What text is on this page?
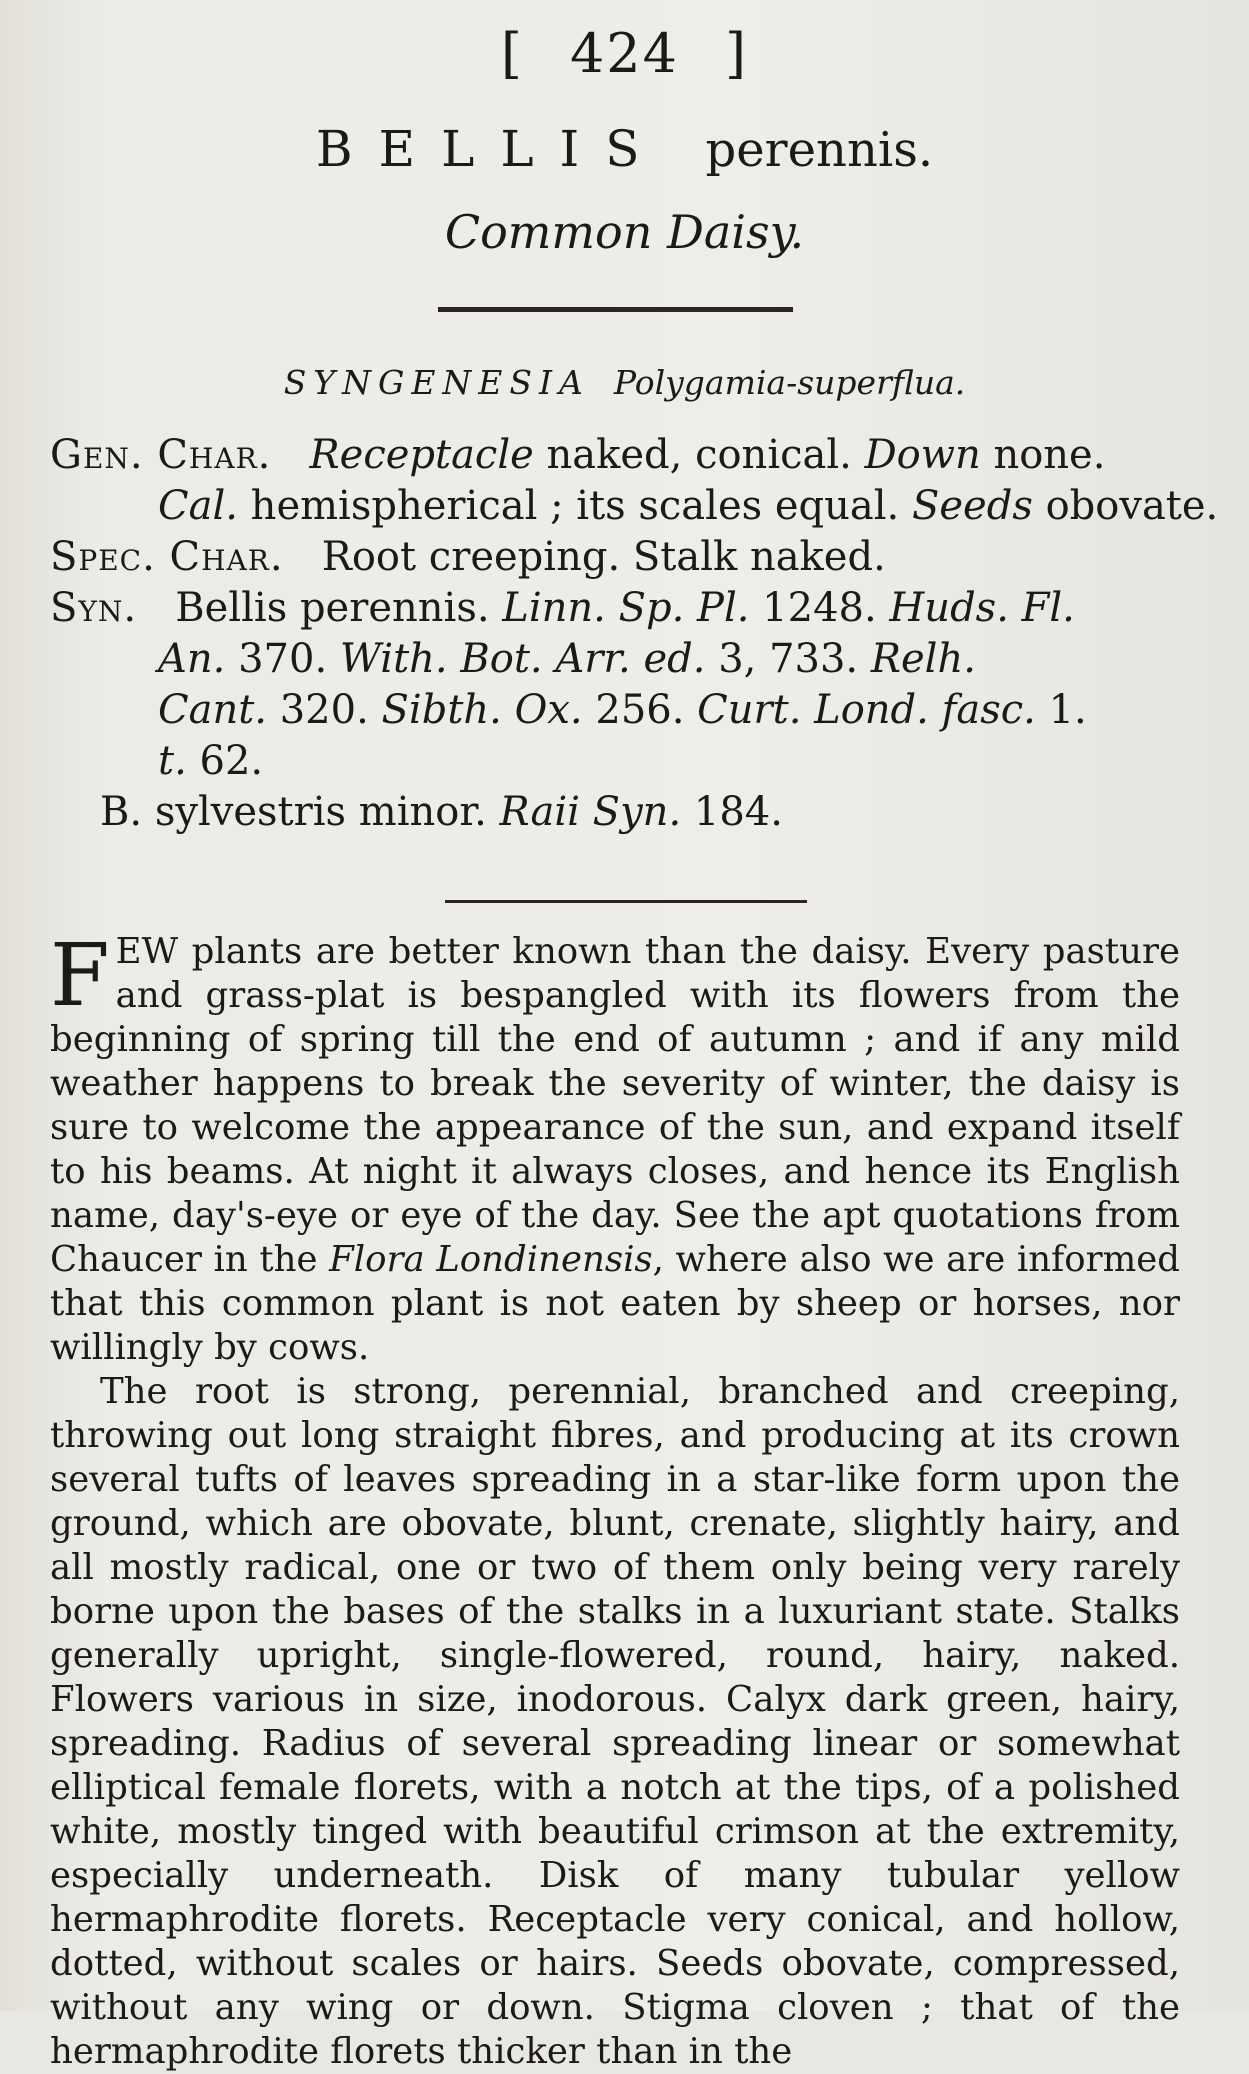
[ 424 ]
BELLIS perennis.
Common Daisy.
SYNGENESIA Polygamia-superflua.
Gen. Char. Receptacle naked, conical. Down none.
Cal. hemispherical ; its scales equal. Seeds obovate.
Spec. Char. Root creeping. Stalk naked.
Syn. Bellis perennis. Linn. Sp. Pl. 1248. Huds. Fl.
An. 370. With. Bot. Arr. ed. 3, 733. Relh.
Cant. 320. Sibth. Ox. 256. Curt. Lond. fasc. 1.
t. 62.
B. sylvestris minor. Raii Syn. 184.

FEW plants are better known than the daisy. Every pasture and grass-plat is bespangled with its flowers from the beginning of spring till the end of autumn ; and if any mild weather happens to break the severity of winter, the daisy is sure to welcome the appearance of the sun, and expand itself to his beams. At night it always closes, and hence its English name, day's-eye or eye of the day. See the apt quotations from Chaucer in the Flora Londinensis, where also we are informed that this common plant is not eaten by sheep or horses, nor willingly by cows.

The root is strong, perennial, branched and creeping, throwing out long straight fibres, and producing at its crown several tufts of leaves spreading in a star-like form upon the ground, which are obovate, blunt, crenate, slightly hairy, and all mostly radical, one or two of them only being very rarely borne upon the bases of the stalks in a luxuriant state. Stalks generally upright, single-flowered, round, hairy, naked. Flowers various in size, inodorous. Calyx dark green, hairy, spreading. Radius of several spreading linear or somewhat elliptical female florets, with a notch at the tips, of a polished white, mostly tinged with beautiful crimson at the extremity, especially underneath. Disk of many tubular yellow hermaphrodite florets. Receptacle very conical, and hollow, dotted, without scales or hairs. Seeds obovate, compressed, without any wing or down. Stigma cloven ; that of the hermaphrodite florets thicker than in the
